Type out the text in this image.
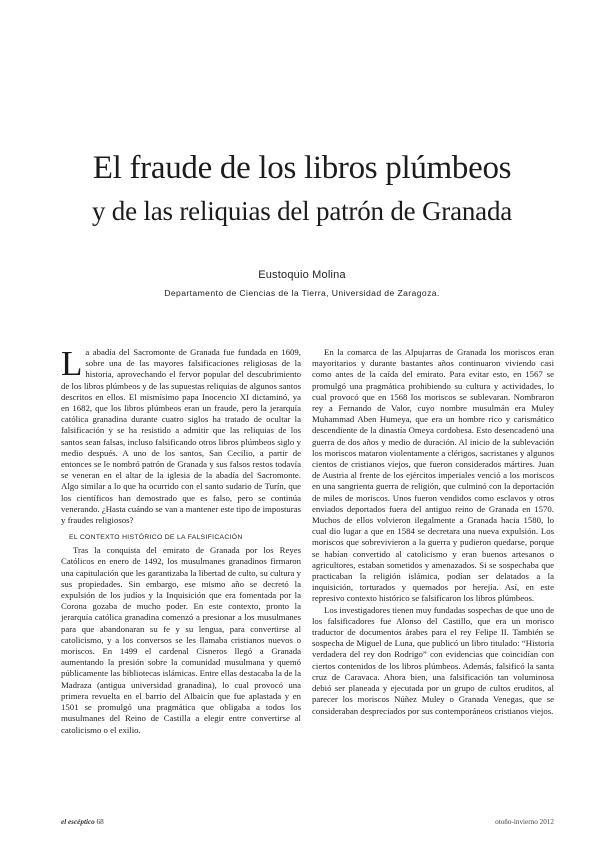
El fraude de los libros plúmbeos
y de las reliquias del patrón de Granada
Eustoquio Molina
Departamento de Ciencias de la Tierra, Universidad de Zaragoza.

La abadía del Sacromonte de Granada fue fundada en 1609, sobre una de las mayores falsificaciones religiosas de la historia, aprovechando el fervor popular del descubrimiento de los libros plúmbeos y de las supuestas reliquias de algunos santos descritos en ellos. El mismísimo papa Inocencio XI dictaminó, ya en 1682, que los libros plúmbeos eran un fraude, pero la jerarquía católica granadina durante cuatro siglos ha tratado de ocultar la falsificación y se ha resistido a admitir que las reliquias de los santos sean falsas, incluso falsificando otros libros plúmbeos siglo y medio después. A uno de los santos, San Cecilio, a partir de entonces se le nombró patrón de Granada y sus falsos restos todavía se veneran en el altar de la iglesia de la abadía del Sacromonte. Algo similar a lo que ha ocurrido con el santo sudario de Turín, que los científicos han demostrado que es falso, pero se continúa venerando. ¿Hasta cuándo se van a mantener este tipo de imposturas y fraudes religiosos?

EL CONTEXTO HISTÓRICO DE LA FALSIFICACIÓN

Tras la conquista del emirato de Granada por los Reyes Católicos en enero de 1492, los musulmanes granadinos firmaron una capitulación que les garantizaba la libertad de culto, su cultura y sus propiedades. Sin embargo, ese mismo año se decretó la expulsión de los judíos y la Inquisición que era fomentada por la Corona gozaba de mucho poder. En este contexto, pronto la jerarquía católica granadina comenzó a presionar a los musulmanes para que abandonaran su fe y su lengua, para convertirse al catolicismo, y a los conversos se les llamaba cristianos nuevos o moriscos. En 1499 el cardenal Cisneros llegó a Granada aumentando la presión sobre la comunidad musulmana y quemó públicamente las bibliotecas islámicas. Entre ellas destacaba la de la Madraza (antigua universidad granadina), lo cual provocó una primera revuelta en el barrio del Albaicín que fue aplastada y en 1501 se promulgó una pragmática que obligaba a todos los musulmanes del Reino de Castilla a elegir entre convertirse al catolicismo o el exilio.

En la comarca de las Alpujarras de Granada los moriscos eran mayoritarios y durante bastantes años continuaron viviendo casi como antes de la caída del emirato. Para evitar esto, en 1567 se promulgó una pragmática prohibiendo su cultura y actividades, lo cual provocó que en 1568 los moriscos se sublevaran. Nombraron rey a Fernando de Valor, cuyo nombre musulmán era Muley Muhammad Aben Humeya, que era un hombre rico y carismático descendiente de la dinastía Omeya cordobesa. Esto desencadenó una guerra de dos años y medio de duración. Al inicio de la sublevación los moriscos mataron violentamente a clérigos, sacristanes y algunos cientos de cristianos viejos, que fueron considerados mártires. Juan de Austria al frente de los ejércitos imperiales venció a los moriscos en una sangrienta guerra de religión, que culminó con la deportación de miles de moriscos. Unos fueron vendidos como esclavos y otros enviados deportados fuera del antiguo reino de Granada en 1570. Muchos de ellos volvieron ilegalmente a Granada hacia 1580, lo cual dio lugar a que en 1584 se decretara una nueva expulsión. Los moriscos que sobrevivieron a la guerra y pudieron quedarse, porque se habían convertido al catolicismo y eran buenos artesanos o agricultores, estaban sometidos y amenazados. Si se sospechaba que practicaban la religión islámica, podían ser delatados a la inquisición, torturados y quemados por herejía. Así, en este represivo contexto histórico se falsificaron los libros plúmbeos.

Los investigadores tienen muy fundadas sospechas de que uno de los falsificadores fue Alonso del Castillo, que era un morisco traductor de documentos árabes para el rey Felipe II. También se sospecha de Miguel de Luna, que publicó un libro titulado: “Historia verdadera del rey don Rodrigo” con evidencias que coincidían con ciertos contenidos de los libros plúmbeos. Además, falsificó la santa cruz de Caravaca. Ahora bien, una falsificación tan voluminosa debió ser planeada y ejecutada por un grupo de cultos eruditos, al parecer los moriscos Núñez Muley o Granada Venegas, que se consideraban despreciados por sus contemporáneos cristianos viejos.

el escéptico 68	otoño-invierno 2012
